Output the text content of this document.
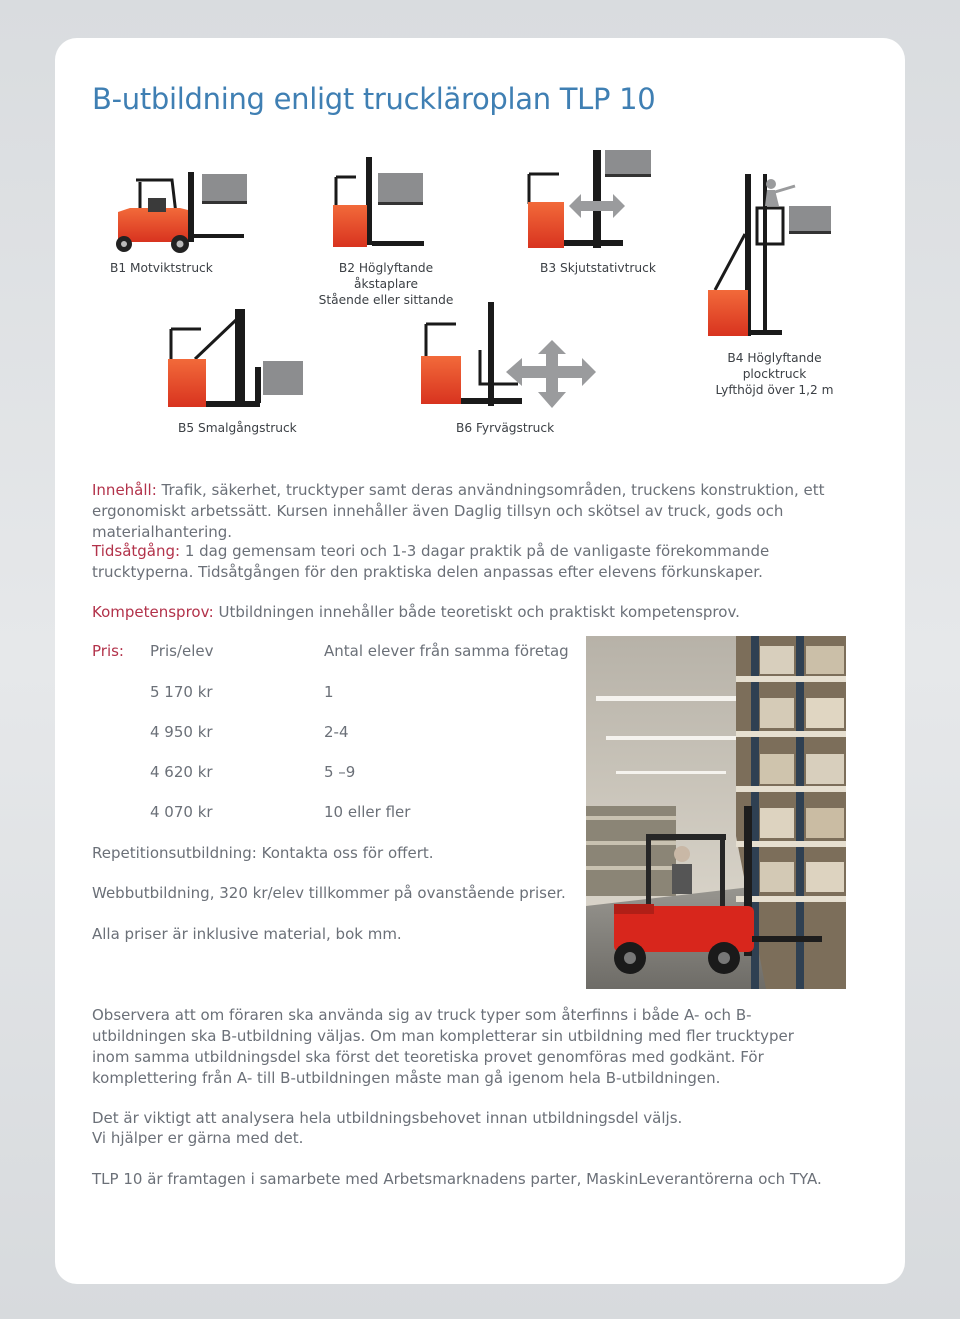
B-utbildning enligt truckläroplan TLP 10
B1 Motviktstruck	B2 Höglyftande
åkstaplare
Stående eller sittande
B3 Skjutstativtruck
B4 Höglyftande
plocktruck
Lyfthöjd över 1,2 m
B5 Smalgångstruck	B6 Fyrvägstruck
Innehåll: Trafik, säkerhet, trucktyper samt deras användningsområden, truckens konstruktion, ett ergonomiskt arbetssätt. Kursen innehåller även Daglig tillsyn och skötsel av truck, gods och materialhantering.
Tidsåtgång: 1 dag gemensam teori och 1-3 dagar praktik på de vanligaste förekommande trucktyperna. Tidsåtgången för den praktiska delen anpassas efter elevens förkunskaper.
Kompetensprov: Utbildningen innehåller både teoretiskt och praktiskt kompetensprov.
Pris: Pris/elev	Antal elever från samma företag
5 170 kr	1
4 950 kr	2-4
4 620 kr	5 –9
4 070 kr	10 eller fler
Repetitionsutbildning: Kontakta oss för offert.
Webbutbildning, 320 kr/elev tillkommer på ovanstående priser.
Alla priser är inklusive material, bok mm.
Observera att om föraren ska använda sig av truck typer som återfinns i både A- och B-utbildningen ska B-utbildning väljas. Om man kompletterar sin utbildning med fler trucktyper inom samma utbildningsdel ska först det teoretiska provet genomföras med godkänt. För komplettering från A- till B-utbildningen måste man gå igenom hela B-utbildningen.
Det är viktigt att analysera hela utbildningsbehovet innan utbildningsdel väljs.
Vi hjälper er gärna med det.
TLP 10 är framtagen i samarbete med Arbetsmarknadens parter, MaskinLeverantörerna och TYA.
